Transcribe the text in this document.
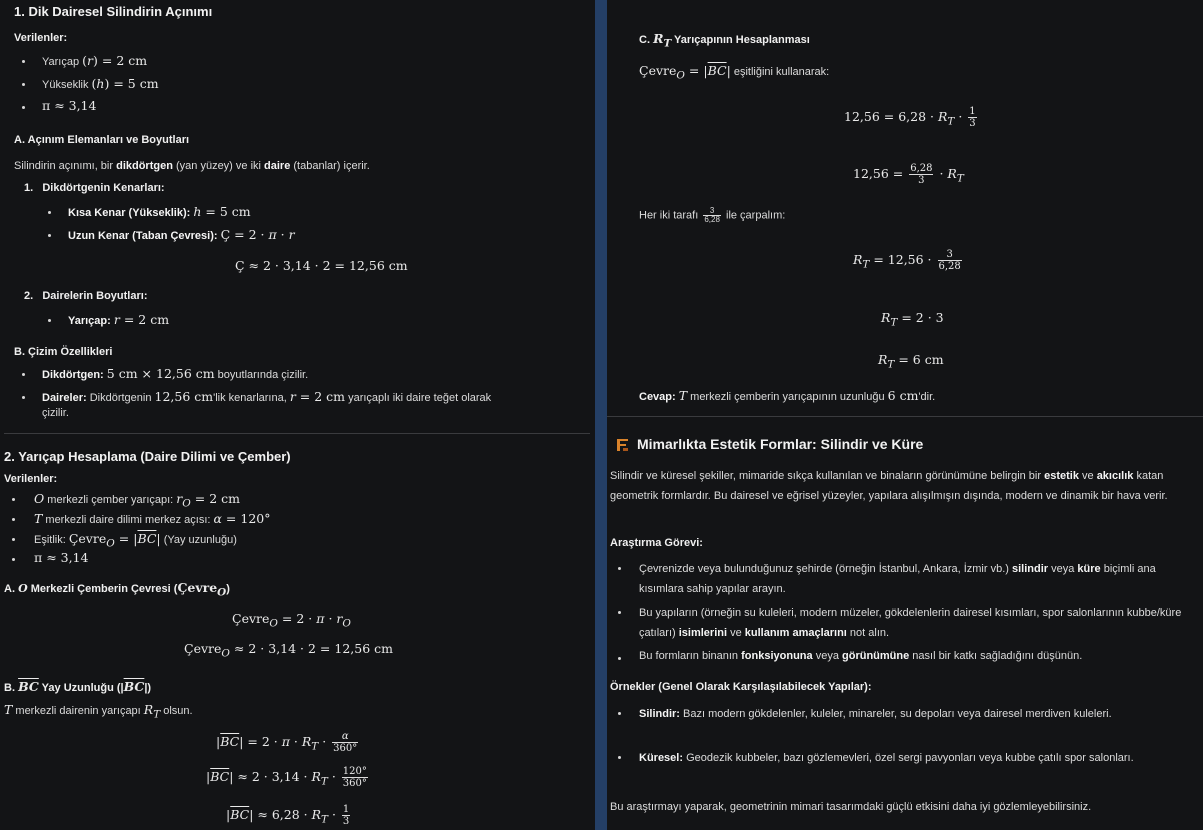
1. Dik Dairesel Silindirin Açınımı
Verilenler:
Yarıçap (r) = 2 cm
Yükseklik (h) = 5 cm
π ≈ 3,14
A. Açınım Elemanları ve Boyutları
Silindirin açınımı, bir dikdörtgen (yan yüzey) ve iki daire (tabanlar) içerir.
1.   Dikdörtgenin Kenarları:
Kısa Kenar (Yükseklik): h = 5 cm
Uzun Kenar (Taban Çevresi): Ç = 2 · π · r
Ç ≈ 2 · 3,14 · 2 = 12,56 cm
2.   Dairelerin Boyutları:
Yarıçap: r = 2 cm
B. Çizim Özellikleri
Dikdörtgen: 5 cm × 12,56 cm boyutlarında çizilir.
Daireler: Dikdörtgenin 12,56 cm'lik kenarlarına, r = 2 cm yarıçaplı iki daire teğet olarak
çizilir.
2. Yarıçap Hesaplama (Daire Dilimi ve Çember)
Verilenler:
O merkezli çember yarıçapı: $r_O = 2$ cm
T merkezli daire dilimi merkez açısı: α = 120°
Eşitlik: Çevre$_O$ = $|\overline{BC}|$ (Yay uzunluğu)
π ≈ 3,14
A. O Merkezli Çemberin Çevresi (Çevre$_O$)
Çevre$_O$ = $2 \cdot \pi \cdot r_O$
Çevre$_O$ ≈ 2 · 3,14 · 2 = 12,56 cm
B. $\overline{BC}$ Yay Uzunluğu $(|\overline{BC}|)$
T merkezli dairenin yarıçapı $R_T$ olsun.
$|\overline{BC}| = 2 \cdot \pi \cdot R_T \cdot \frac{\alpha}{360^\circ}$
$|\overline{BC}| \approx 2 \cdot 3,14 \cdot R_T \cdot \frac{120^\circ}{360^\circ}$
$|\overline{BC}| \approx 6,28 \cdot R_T \cdot \frac{1}{3}$
C. $R_T$ Yarıçapının Hesaplanması
Çevre$_O$ = $|\overline{BC}|$ eşitliğini kullanarak:
$12,56 = 6,28 \cdot R_T \cdot \frac{1}{3}$
$12,56 = \frac{6,28}{3} \cdot R_T$
Her iki tarafı $\frac{3}{6,28}$ ile çarpalım:
$R_T = 12,56 \cdot \frac{3}{6,28}$
$R_T = 2 \cdot 3$
$R_T = 6$ cm
Cevap: T merkezli çemberin yarıçapının uzunluğu 6 cm'dir.
Mimarlıkta Estetik Formlar: Silindir ve Küre
Silindir ve küresel şekiller, mimaride sıkça kullanılan ve binaların görünümüne belirgin bir estetik ve akıcılık katan geometrik formlardır. Bu dairesel ve eğrisel yüzeyler, yapılara alışılmışın dışında, modern ve dinamik bir hava verir.
Araştırma Görevi:
Çevrenizde veya bulunduğunuz şehirde (örneğin İstanbul, Ankara, İzmir vb.) silindir veya küre biçimli ana kısımlara sahip yapılar arayın.
Bu yapıların (örneğin su kuleleri, modern müzeler, gökdelenlerin dairesel kısımları, spor salonlarının kubbe/küre çatıları) isimlerini ve kullanım amaçlarını not alın.
Bu formların binanın fonksiyonuna veya görünümüne nasıl bir katkı sağladığını düşünün.
Örnekler (Genel Olarak Karşılaşılabilecek Yapılar):
Silindir: Bazı modern gökdelenler, kuleler, minareler, su depoları veya dairesel merdiven kuleleri.
Küresel: Geodezik kubbeler, bazı gözlemevleri, özel sergi pavyonları veya kubbe çatılı spor salonları.
Bu araştırmayı yaparak, geometrinin mimari tasarımdaki güçlü etkisini daha iyi gözlemleyebilirsiniz.
